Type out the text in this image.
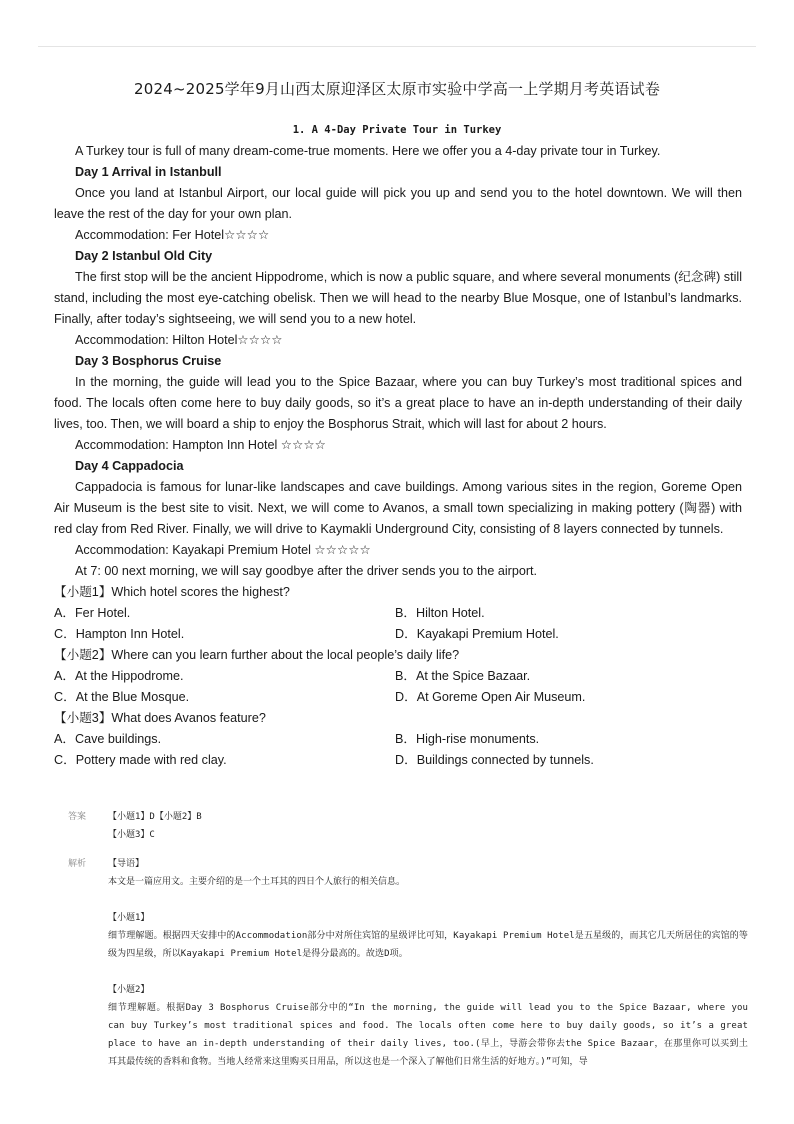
2024~2025学年9月山西太原迎泽区太原市实验中学高一上学期月考英语试卷
1. A 4-Day Private Tour in Turkey

A Turkey tour is full of many dream-come-true moments. Here we offer you a 4-day private tour in Turkey.

Day 1 Arrival in Istanbull

Once you land at Istanbul Airport, our local guide will pick you up and send you to the hotel downtown. We will then leave the rest of the day for your own plan.

Accommodation: Fer Hotel☆☆☆☆

Day 2 Istanbul Old City

The first stop will be the ancient Hippodrome, which is now a public square, and where several monuments (纪念碑) still stand, including the most eye-catching obelisk. Then we will head to the nearby Blue Mosque, one of Istanbul’s landmarks. Finally, after today’s sightseeing, we will send you to a new hotel.

Accommodation: Hilton Hotel☆☆☆☆

Day 3 Bosphorus Cruise

In the morning, the guide will lead you to the Spice Bazaar, where you can buy Turkey’s most traditional spices and food. The locals often come here to buy daily goods, so it’s a great place to have an in-depth understanding of their daily lives, too. Then, we will board a ship to enjoy the Bosphorus Strait, which will last for about 2 hours.

Accommodation: Hampton Inn Hotel ☆☆☆☆

Day 4 Cappadocia

Cappadocia is famous for lunar-like landscapes and cave buildings. Among various sites in the region, Goreme Open Air Museum is the best site to visit. Next, we will come to Avanos, a small town specializing in making pottery (陶器) with red clay from Red River. Finally, we will drive to Kaymakli Underground City, consisting of 8 layers connected by tunnels.

Accommodation: Kayakapi Premium Hotel ☆☆☆☆☆

At 7: 00 next morning, we will say goodbye after the driver sends you to the airport.

【小题1】Which hotel scores the highest?

A．Fer Hotel.	B．Hilton Hotel.
C．Hampton Inn Hotel.	D．Kayakapi Premium Hotel.

【小题2】Where can you learn further about the local people’s daily life?

A．At the Hippodrome.	B．At the Spice Bazaar.
C．At the Blue Mosque.	D．At Goreme Open Air Museum.

【小题3】What does Avanos feature?

A．Cave buildings.	B．High-rise monuments.
C．Pottery made with red clay.	D．Buildings connected by tunnels.
答案 【小题1】D【小题2】B
【小题3】C
解析 【导语】
本文是一篇应用文。主要介绍的是一个土耳其的四日个人旅行的相关信息。
【小题1】
细节理解题。根据四天安排中的Accommodation部分中对所住宾馆的星级评比可知，Kayakapi Premium Hotel是五星级的，而其它几天所居住的宾馆的等级为四星级，所以Kayakapi Premium Hotel是得分最高的。故选D项。
【小题2】
细节理解题。根据Day 3 Bosphorus Cruise部分中的“In the morning, the guide will lead you to the Spice Bazaar, where you can buy Turkey’s most traditional spices and food. The locals often come here to buy daily goods, so it’s a great place to have an in-depth understanding of their daily lives, too.(早上，导游会带你去the Spice Bazaar，在那里你可以买到土耳其最传统的香料和食物。当地人经常来这里购买日用品，所以这也是一个深入了解他们日常生活的好地方。)”可知，导
